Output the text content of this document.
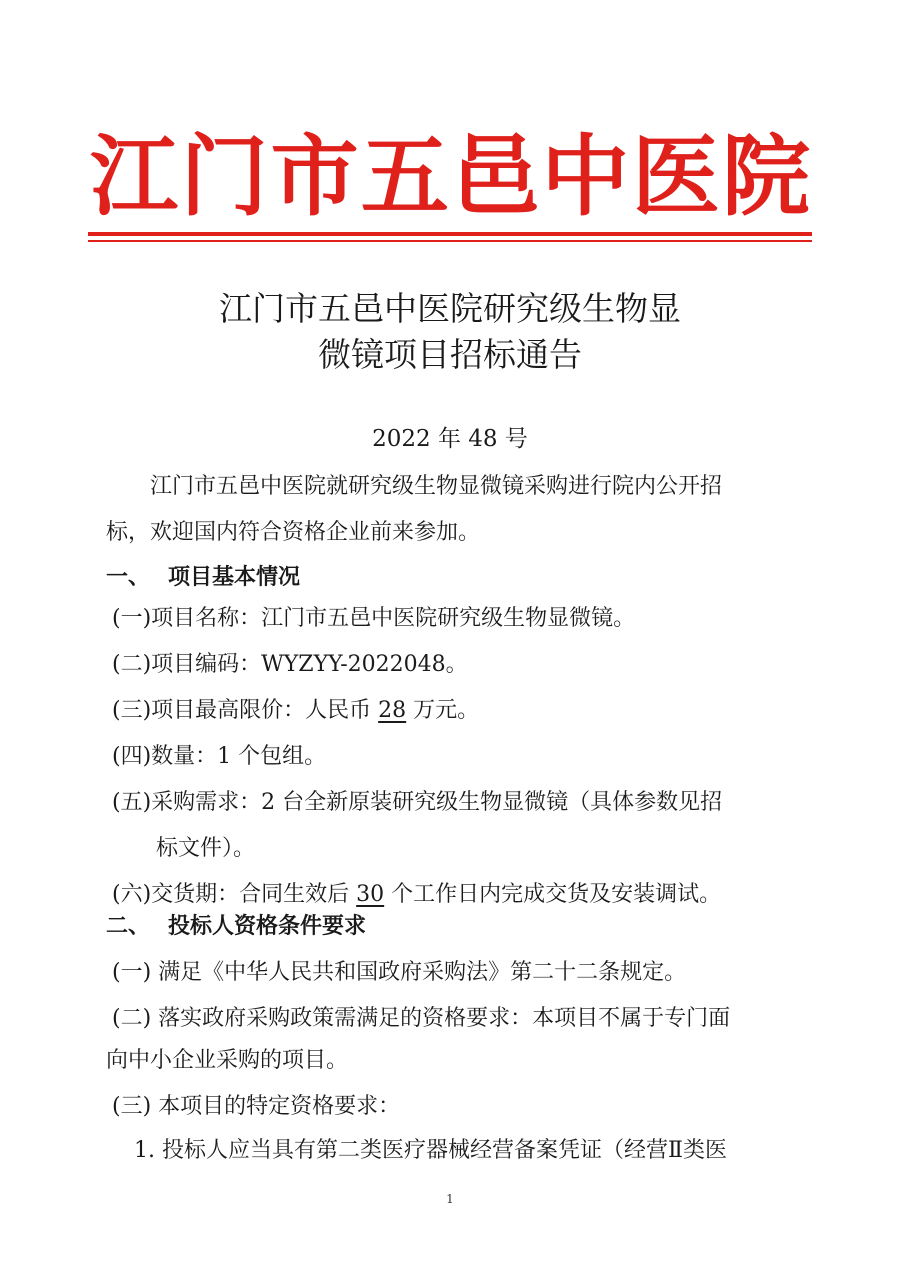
江 门 市 五 邑 中 医 院
江门市五邑中医院研究级生物显
微镜项目招标通告
2022 年 48 号
江门市五邑中医院就研究级生物显微镜采购进行院内公开招
标，欢迎国内符合资格企业前来参加。
一、 项目基本情况
(一)项目名称：江门市五邑中医院研究级生物显微镜。
(二)项目编码：WYZYY-2022048。
(三)项目最高限价：人民币 28 万元。
(四)数量：1 个包组。
(五)采购需求：2 台全新原装研究级生物显微镜（具体参数见招
标文件）。
(六)交货期：合同生效后 30 个工作日内完成交货及安装调试。
二、 投标人资格条件要求
(一) 满足《中华人民共和国政府采购法》第二十二条规定。
(二) 落实政府采购政策需满足的资格要求：本项目不属于专门面
向中小企业采购的项目。
(三) 本项目的特定资格要求：
1. 投标人应当具有第二类医疗器械经营备案凭证（经营Ⅱ类医
1
